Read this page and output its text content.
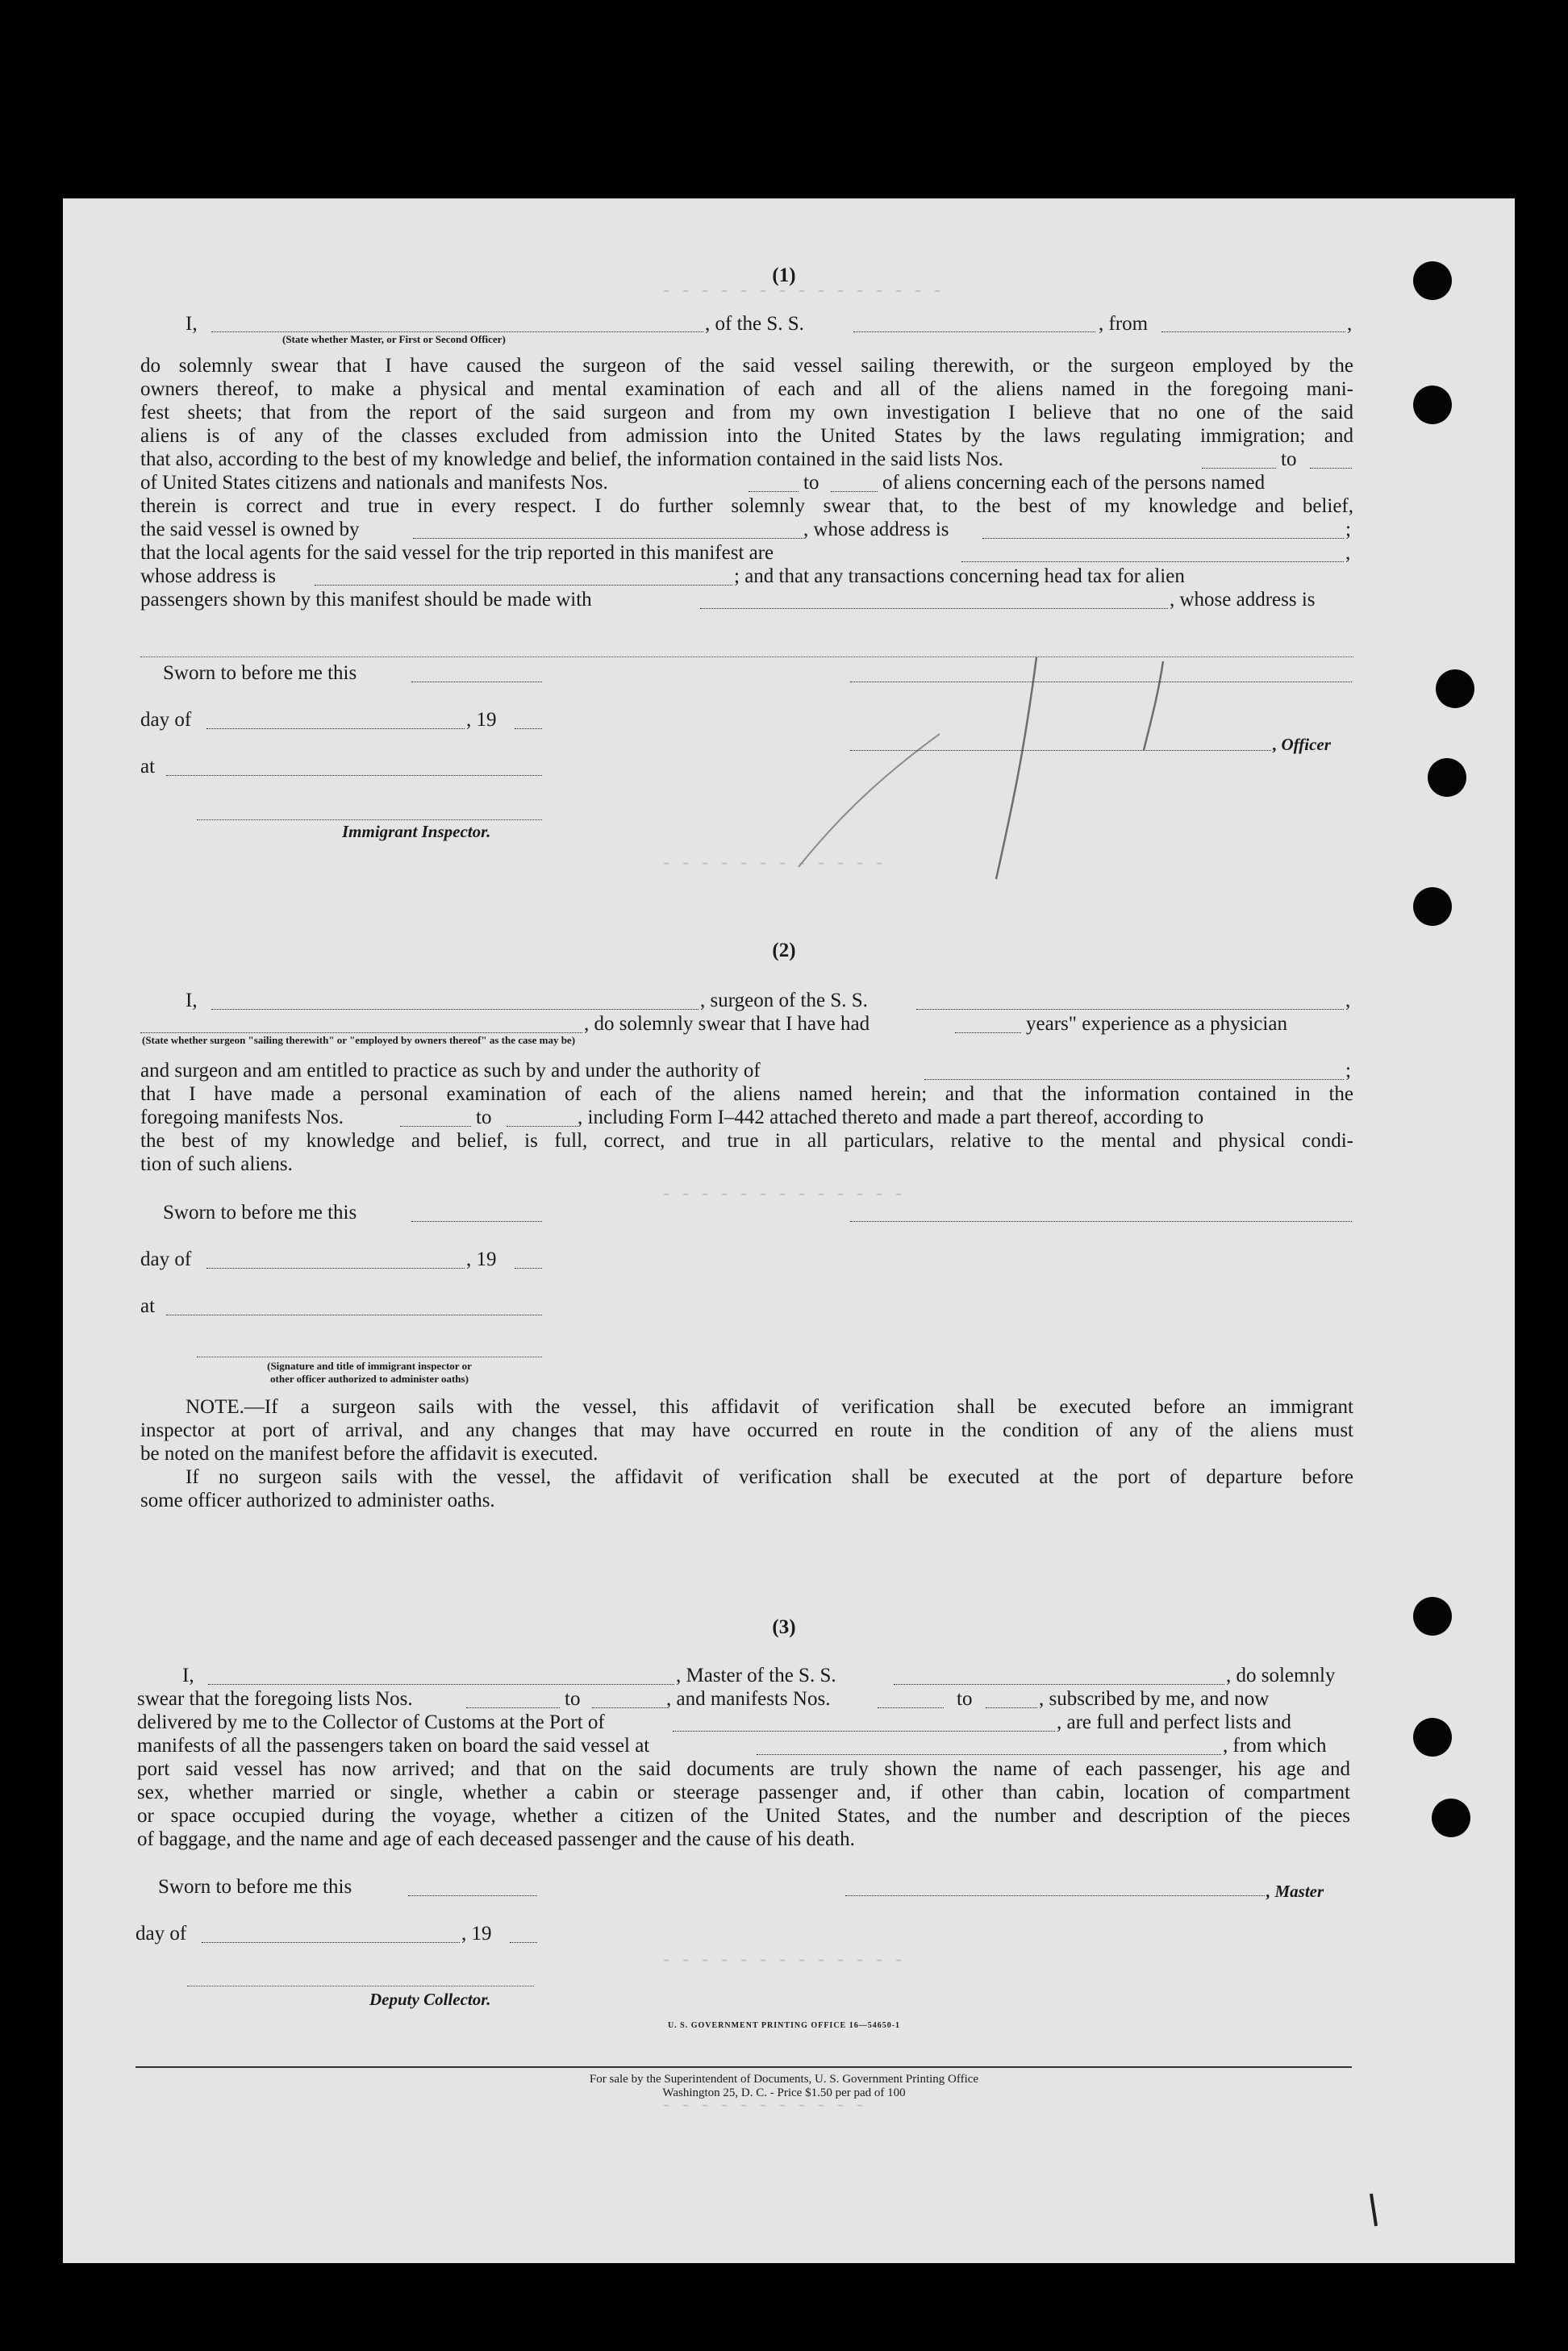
- - - - - - - - - - - - - - -
- - - - - - - - - - - -
- - - - - - - - - - - - -
- - - - - - - - - - - - -
- - - - - - - - - - -
(1)
I,	, of the S. S.	, from	,
(State whether Master, or First or Second Officer)
do solemnly swear that I have caused the surgeon of the said vessel sailing therewith, or the surgeon employed by the
owners thereof, to make a physical and mental examination of each and all of the aliens named in the foregoing mani-
fest sheets; that from the report of the said surgeon and from my own investigation I believe that no one of the said
aliens is of any of the classes excluded from admission into the United States by the laws regulating immigration; and
that also, according to the best of my knowledge and belief, the information contained in the said lists Nos.	to
of United States citizens and nationals and manifests Nos.	to	of aliens concerning each of the persons named
therein is correct and true in every respect. I do further solemnly swear that, to the best of my knowledge and belief,
the said vessel is owned by	, whose address is	;
that the local agents for the said vessel for the trip reported in this manifest are	,
whose address is	; and that any transactions concerning head tax for alien
passengers shown by this manifest should be made with	, whose address is
Sworn to before me this
day of	, 19
, Officer
at
Immigrant Inspector.
(2)
I,	, surgeon of the S. S.	,
, do solemnly swear that I have had	years" experience as a physician
(State whether surgeon "sailing therewith" or "employed by owners thereof" as the case may be)
and surgeon and am entitled to practice as such by and under the authority of	;
that I have made a personal examination of each of the aliens named herein; and that the information contained in the
foregoing manifests Nos.	to	, including Form I–442 attached thereto and made a part thereof, according to
the best of my knowledge and belief, is full, correct, and true in all particulars, relative to the mental and physical condi-
tion of such aliens.
Sworn to before me this
day of	, 19
at
(Signature and title of immigrant inspector or
other officer authorized to administer oaths)
NOTE.—If a surgeon sails with the vessel, this affidavit of verification shall be executed before an immigrant
inspector at port of arrival, and any changes that may have occurred en route in the condition of any of the aliens must
be noted on the manifest before the affidavit is executed.
If no surgeon sails with the vessel, the affidavit of verification shall be executed at the port of departure before
some officer authorized to administer oaths.
(3)
I,	, Master of the S. S.	, do solemnly
swear that the foregoing lists Nos.	to	, and manifests Nos.	to	, subscribed by me, and now
delivered by me to the Collector of Customs at the Port of	, are full and perfect lists and
manifests of all the passengers taken on board the said vessel at	, from which
port said vessel has now arrived; and that on the said documents are truly shown the name of each passenger, his age and
sex, whether married or single, whether a cabin or steerage passenger and, if other than cabin, location of compartment
or space occupied during the voyage, whether a citizen of the United States, and the number and description of the pieces
of baggage, and the name and age of each deceased passenger and the cause of his death.
Sworn to before me this	, Master
day of	, 19
Deputy Collector.
U. S. GOVERNMENT PRINTING OFFICE 16—54650-1
For sale by the Superintendent of Documents, U. S. Government Printing Office
Washington 25, D. C. - Price $1.50 per pad of 100
